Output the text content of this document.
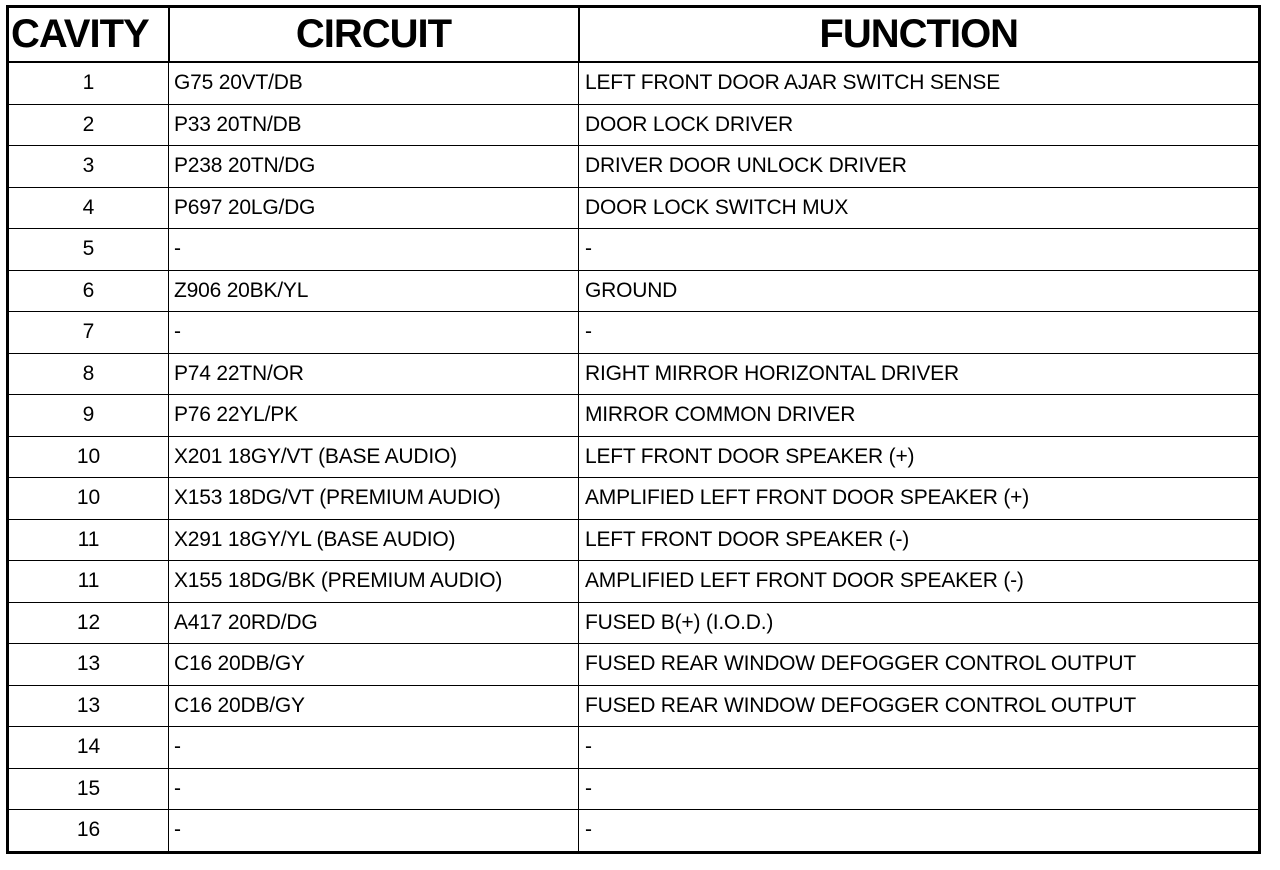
CAVITY	CIRCUIT	FUNCTION
1	G75 20VT/DB	LEFT FRONT DOOR AJAR SWITCH SENSE
2	P33 20TN/DB	DOOR LOCK DRIVER
3	P238 20TN/DG	DRIVER DOOR UNLOCK DRIVER
4	P697 20LG/DG	DOOR LOCK SWITCH MUX
5	-	-
6	Z906 20BK/YL	GROUND
7	-	-
8	P74 22TN/OR	RIGHT MIRROR HORIZONTAL DRIVER
9	P76 22YL/PK	MIRROR COMMON DRIVER
10	X201 18GY/VT (BASE AUDIO)	LEFT FRONT DOOR SPEAKER (+)
10	X153 18DG/VT (PREMIUM AUDIO)	AMPLIFIED LEFT FRONT DOOR SPEAKER (+)
11	X291 18GY/YL (BASE AUDIO)	LEFT FRONT DOOR SPEAKER (-)
11	X155 18DG/BK (PREMIUM AUDIO)	AMPLIFIED LEFT FRONT DOOR SPEAKER (-)
12	A417 20RD/DG	FUSED B(+) (I.O.D.)
13	C16 20DB/GY	FUSED REAR WINDOW DEFOGGER CONTROL OUTPUT
13	C16 20DB/GY	FUSED REAR WINDOW DEFOGGER CONTROL OUTPUT
14	-	-
15	-	-
16	-	-
